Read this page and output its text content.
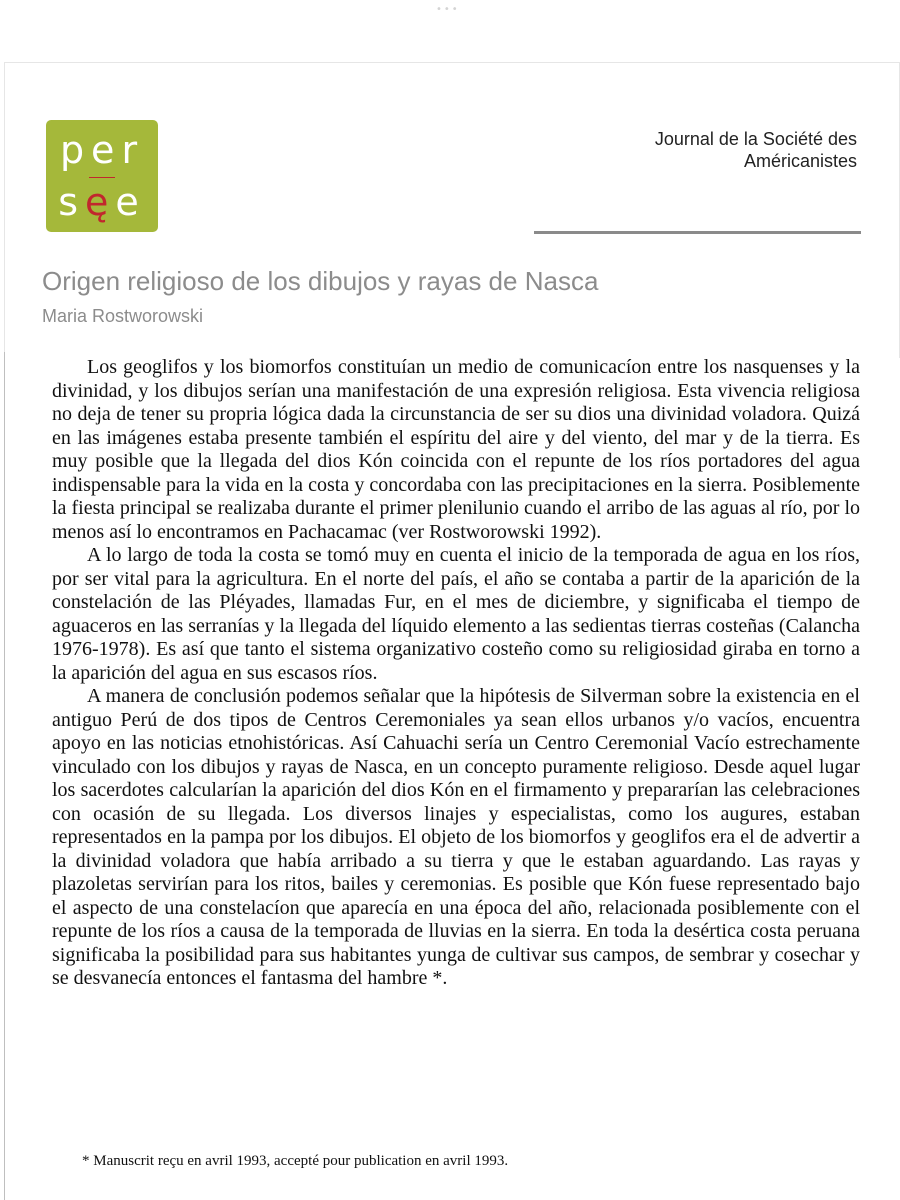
•••
per
sęe
Journal de la Société des
Américanistes
Origen religioso de los dibujos y rayas de Nasca
Maria Rostworowski

Los geoglifos y los biomorfos constituían un medio de comunicacíon entre los nasquenses y la divinidad, y los dibujos serían una manifestación de una expresión religiosa. Esta vivencia religiosa no deja de tener su propria lógica dada la circunstancia de ser su dios una divinidad voladora. Quizá en las imágenes estaba presente también el espíritu del aire y del viento, del mar y de la tierra. Es muy posible que la llegada del dios Kón coincida con el repunte de los ríos portadores del agua indispensable para la vida en la costa y concordaba con las precipitaciones en la sierra. Posiblemente la fiesta principal se realizaba durante el primer plenilunio cuando el arribo de las aguas al río, por lo menos así lo encontramos en Pachacamac (ver Rostworowski 1992).

A lo largo de toda la costa se tomó muy en cuenta el inicio de la temporada de agua en los ríos, por ser vital para la agricultura. En el norte del país, el año se contaba a partir de la aparición de la constelación de las Pléyades, llamadas Fur, en el mes de diciembre, y significaba el tiempo de aguaceros en las serranías y la llegada del líquido elemento a las sedientas tierras costeñas (Calancha 1976-1978). Es así que tanto el sistema organizativo costeño como su religiosidad giraba en torno a la aparición del agua en sus escasos ríos.

A manera de conclusión podemos señalar que la hipótesis de Silverman sobre la existencia en el antiguo Perú de dos tipos de Centros Ceremoniales ya sean ellos urbanos y/o vacíos, encuentra apoyo en las noticias etnohistóricas. Así Cahuachi sería un Centro Ceremonial Vacío estrechamente vinculado con los dibujos y rayas de Nasca, en un concepto puramente religioso. Desde aquel lugar los sacerdotes calcularían la aparición del dios Kón en el firmamento y prepararían las celebraciones con ocasión de su llegada. Los diversos linajes y especialistas, como los augures, estaban representados en la pampa por los dibujos. El objeto de los biomorfos y geoglifos era el de advertir a la divinidad voladora que había arribado a su tierra y que le estaban aguardando. Las rayas y plazoletas servirían para los ritos, bailes y ceremonias. Es posible que Kón fuese representado bajo el aspecto de una constelacíon que aparecía en una época del año, relacionada posiblemente con el repunte de los ríos a causa de la temporada de lluvias en la sierra. En toda la desértica costa peruana significaba la posibilidad para sus habitantes yunga de cultivar sus campos, de sembrar y cosechar y se desvanecía entonces el fantasma del hambre *.

* Manuscrit reçu en avril 1993, accepté pour publication en avril 1993.
